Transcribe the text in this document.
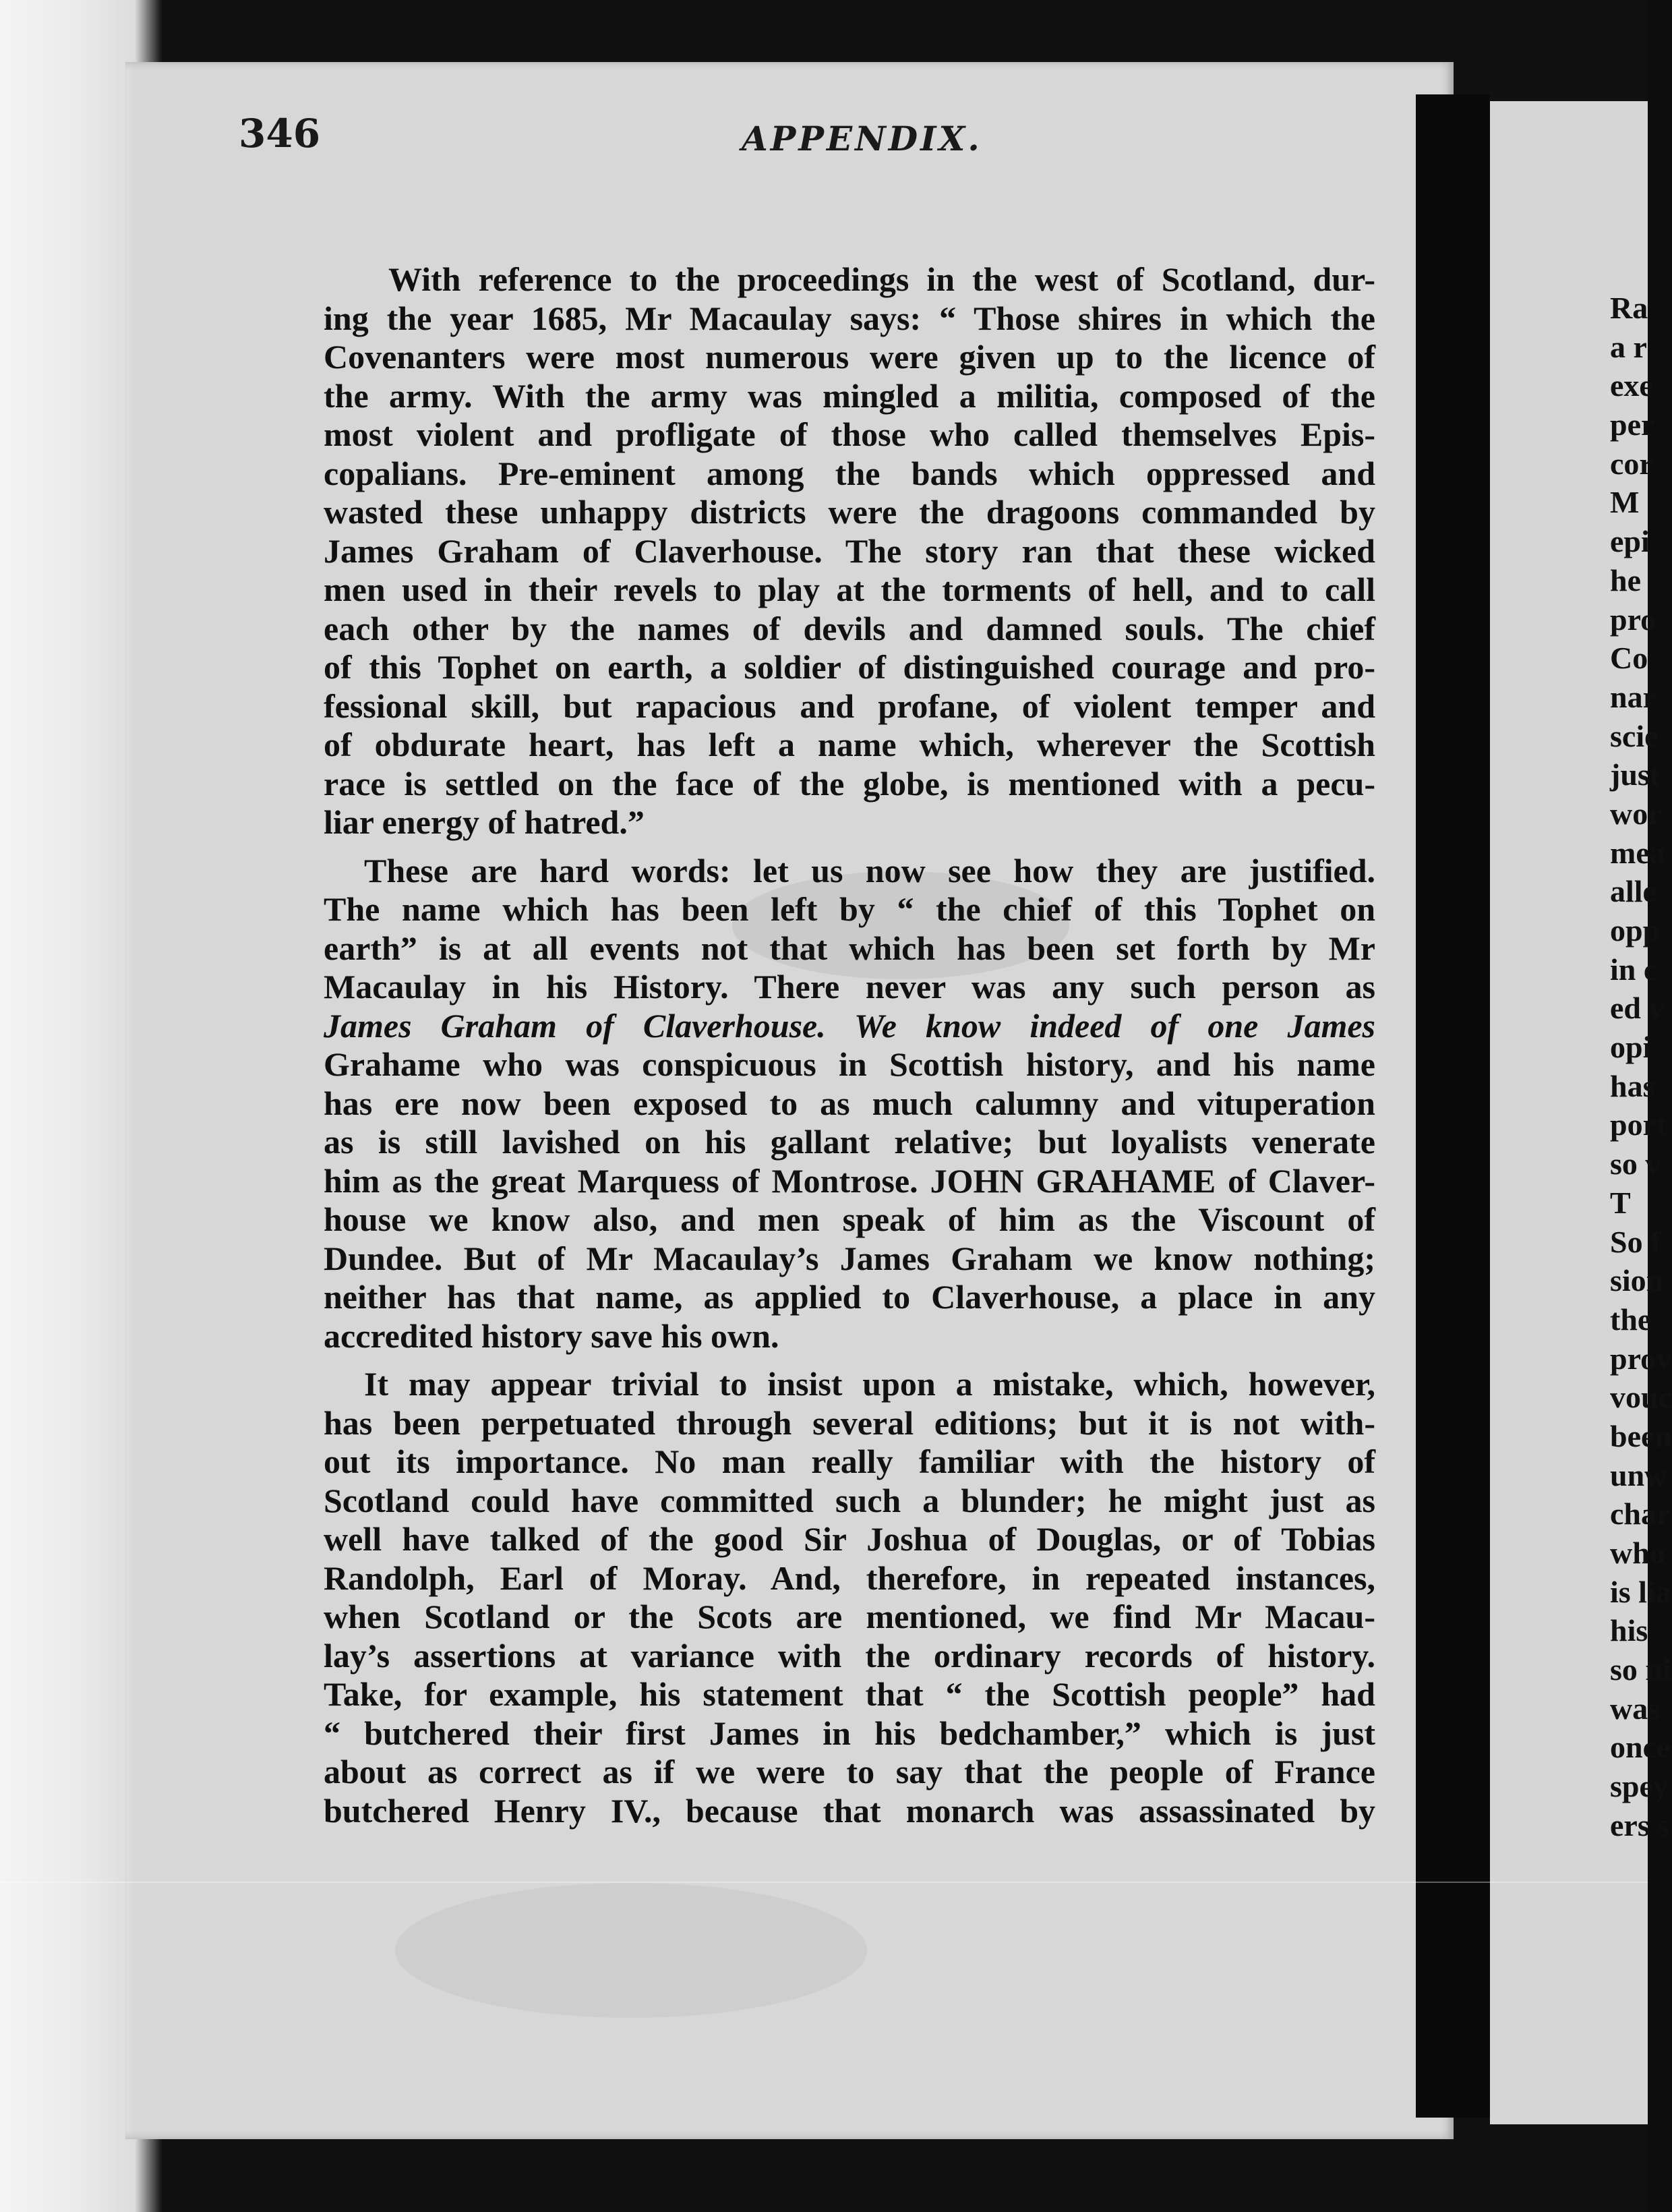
346	APPENDIX.
With reference to the proceedings in the west of Scotland, dur-
ing the year 1685, Mr Macaulay says: “ Those shires in which the
Covenanters were most numerous were given up to the licence of
the army. With the army was mingled a militia, composed of the
most violent and profligate of those who called themselves Epis-
copalians. Pre-eminent among the bands which oppressed and
wasted these unhappy districts were the dragoons commanded by
James Graham of Claverhouse. The story ran that these wicked
men used in their revels to play at the torments of hell, and to call
each other by the names of devils and damned souls. The chief
of this Tophet on earth, a soldier of distinguished courage and pro-
fessional skill, but rapacious and profane, of violent temper and
of obdurate heart, has left a name which, wherever the Scottish
race is settled on the face of the globe, is mentioned with a pecu-
liar energy of hatred.”
These are hard words: let us now see how they are justified.
The name which has been left by “ the chief of this Tophet on
earth” is at all events not that which has been set forth by Mr
Macaulay in his History. There never was any such person as
James Graham of Claverhouse. We know indeed of one James
Grahame who was conspicuous in Scottish history, and his name
has ere now been exposed to as much calumny and vituperation
as is still lavished on his gallant relative; but loyalists venerate
him as the great Marquess of Montrose. JOHN GRAHAME of Claver-
house we know also, and men speak of him as the Viscount of
Dundee. But of Mr Macaulay’s James Graham we know nothing;
neither has that name, as applied to Claverhouse, a place in any
accredited history save his own.
It may appear trivial to insist upon a mistake, which, however,
has been perpetuated through several editions; but it is not with-
out its importance. No man really familiar with the history of
Scotland could have committed such a blunder; he might just as
well have talked of the good Sir Joshua of Douglas, or of Tobias
Randolph, Earl of Moray. And, therefore, in repeated instances,
when Scotland or the Scots are mentioned, we find Mr Macau-
lay’s assertions at variance with the ordinary records of history.
Take, for example, his statement that “ the Scottish people” had
“ butchered their first James in his bedchamber,” which is just
about as correct as if we were to say that the people of France
butchered Henry IV., because that monarch was assassinated by
Ra
a r
exe
per
cor
M
epi
he
pro
Co
nar
scie
just
wor
mea
alle
opp
in c
ed v
opi
has
port
so v
T
So f
sion
the
prov
vouc
been
unw
char
who
is lia
his
so ni
was
once
spey
ers s
